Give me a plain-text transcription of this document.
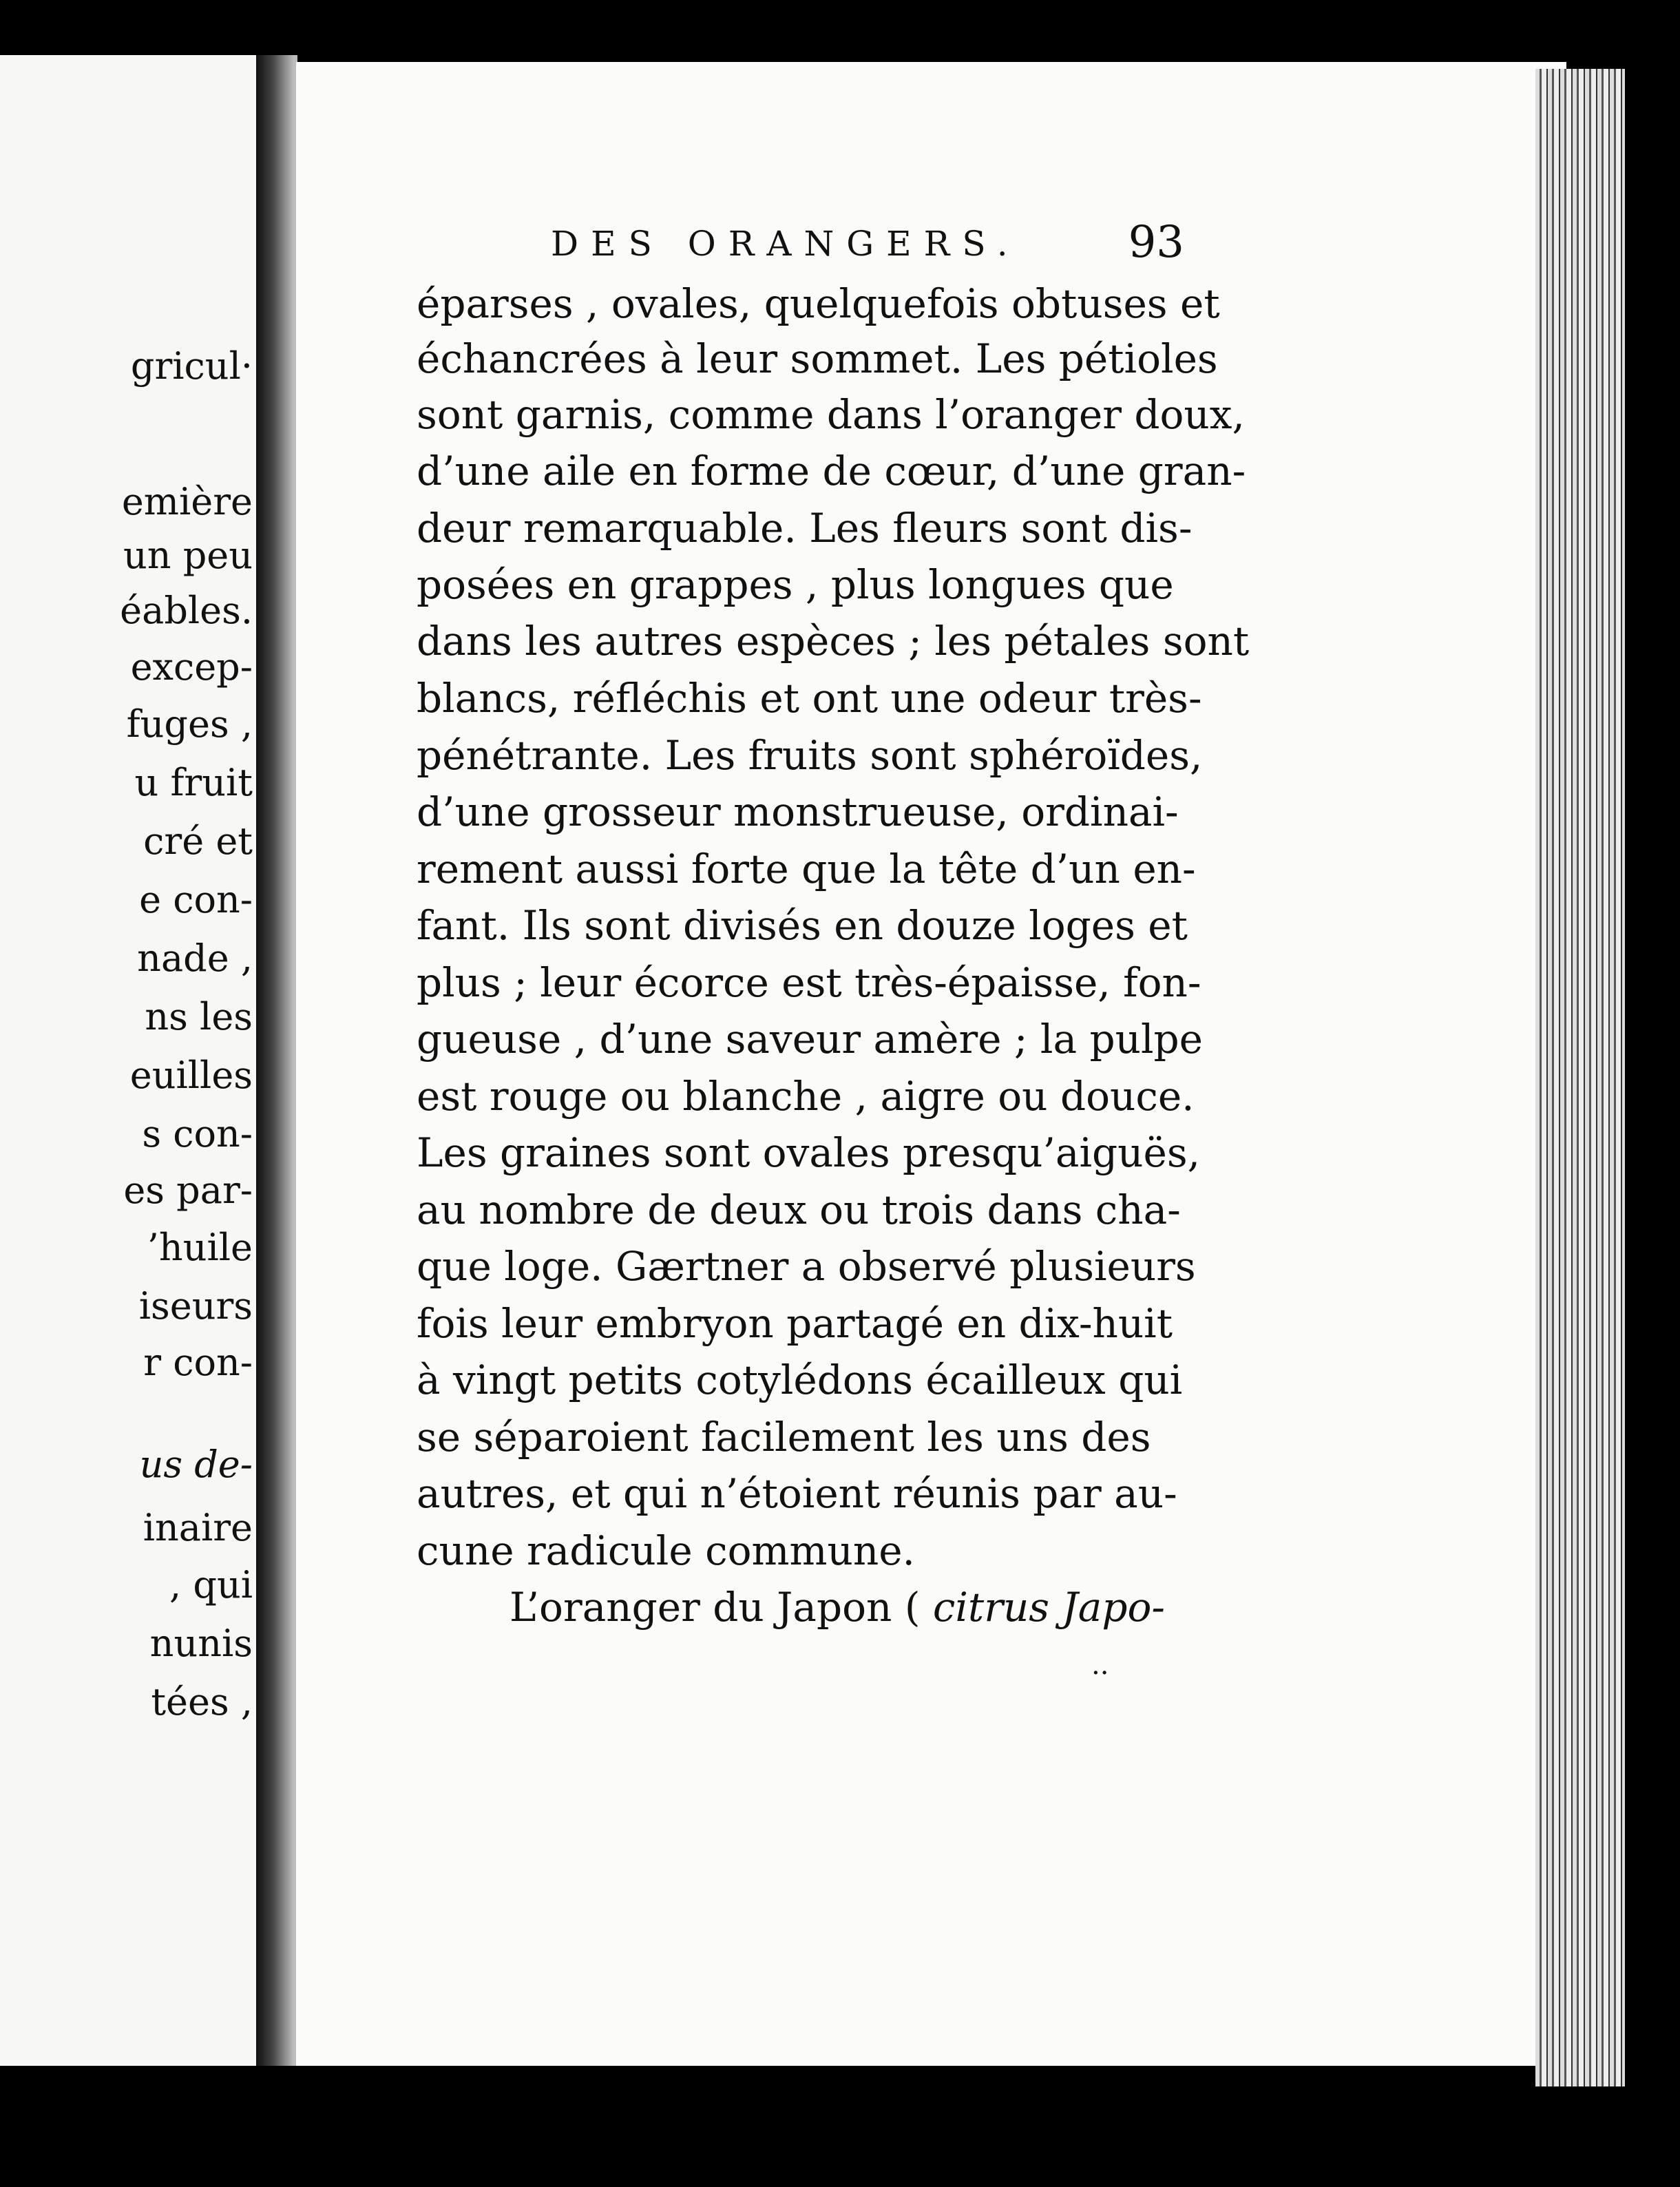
gricul·
emière
un peu
éables.
excep-
fuges ,
u fruit
cré et
e con-
nade ,
ns les
euilles
s con-
es par-
’huile
iseurs
r con-
us de-
inaire
, qui
nunis
tées ,
DES ORANGERS. 93
éparses , ovales, quelquefois obtuses et
échancrées à leur sommet. Les pétioles
sont garnis, comme dans l’oranger doux,
d’une aile en forme de cœur, d’une gran-
deur remarquable. Les fleurs sont dis-
posées en grappes , plus longues que
dans les autres espèces ; les pétales sont
blancs, réfléchis et ont une odeur très-
pénétrante. Les fruits sont sphéroïdes,
d’une grosseur monstrueuse, ordinai-
rement aussi forte que la tête d’un en-
fant. Ils sont divisés en douze loges et
plus ; leur écorce est très-épaisse, fon-
gueuse , d’une saveur amère ; la pulpe
est rouge ou blanche , aigre ou douce.
Les graines sont ovales presqu’aiguës,
au nombre de deux ou trois dans cha-
que loge. Gærtner a observé plusieurs
fois leur embryon partagé en dix-huit
à vingt petits cotylédons écailleux qui
se séparoient facilement les uns des
autres, et qui n’étoient réunis par au-
cune radicule commune.
L’oranger du Japon ( citrus Japo-
..
